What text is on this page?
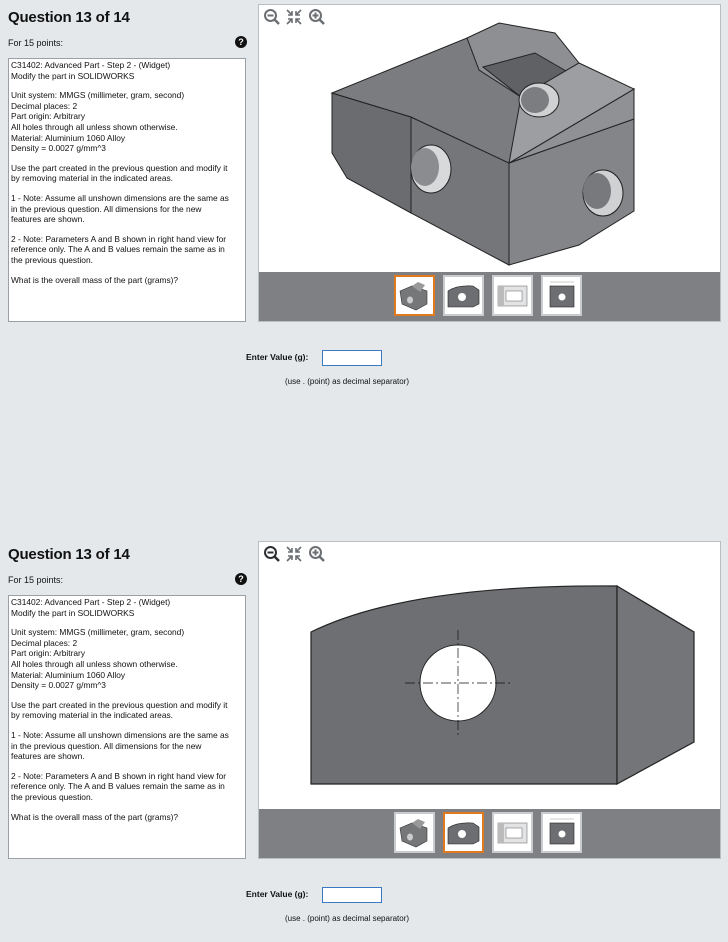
Question 13 of 14
For 15 points:	?

C31402: Advanced Part - Step 2 - (Widget)

Modify the part in SOLIDWORKS

Unit system: MMGS (millimeter, gram, second)

Decimal places: 2

Part origin: Arbitrary

All holes through all unless shown otherwise.

Material: Aluminium 1060 Alloy

Density = 0.0027 g/mm^3

Use the part created in the previous question and modify it

by removing material in the indicated areas.

1 - Note: Assume all unshown dimensions are the same as

in the previous question. All dimensions for the new

features are shown.

2 - Note: Parameters A and B shown in right hand view for

reference only. The A and B values remain the same as in

the previous question.

What is the overall mass of the part (grams)?

Enter Value (g):
(use . (point) as decimal separator)
Question 13 of 14
For 15 points:	?

C31402: Advanced Part - Step 2 - (Widget)

Modify the part in SOLIDWORKS

Unit system: MMGS (millimeter, gram, second)

Decimal places: 2

Part origin: Arbitrary

All holes through all unless shown otherwise.

Material: Aluminium 1060 Alloy

Density = 0.0027 g/mm^3

Use the part created in the previous question and modify it

by removing material in the indicated areas.

1 - Note: Assume all unshown dimensions are the same as

in the previous question. All dimensions for the new

features are shown.

2 - Note: Parameters A and B shown in right hand view for

reference only. The A and B values remain the same as in

the previous question.

What is the overall mass of the part (grams)?

Enter Value (g):
(use . (point) as decimal separator)
